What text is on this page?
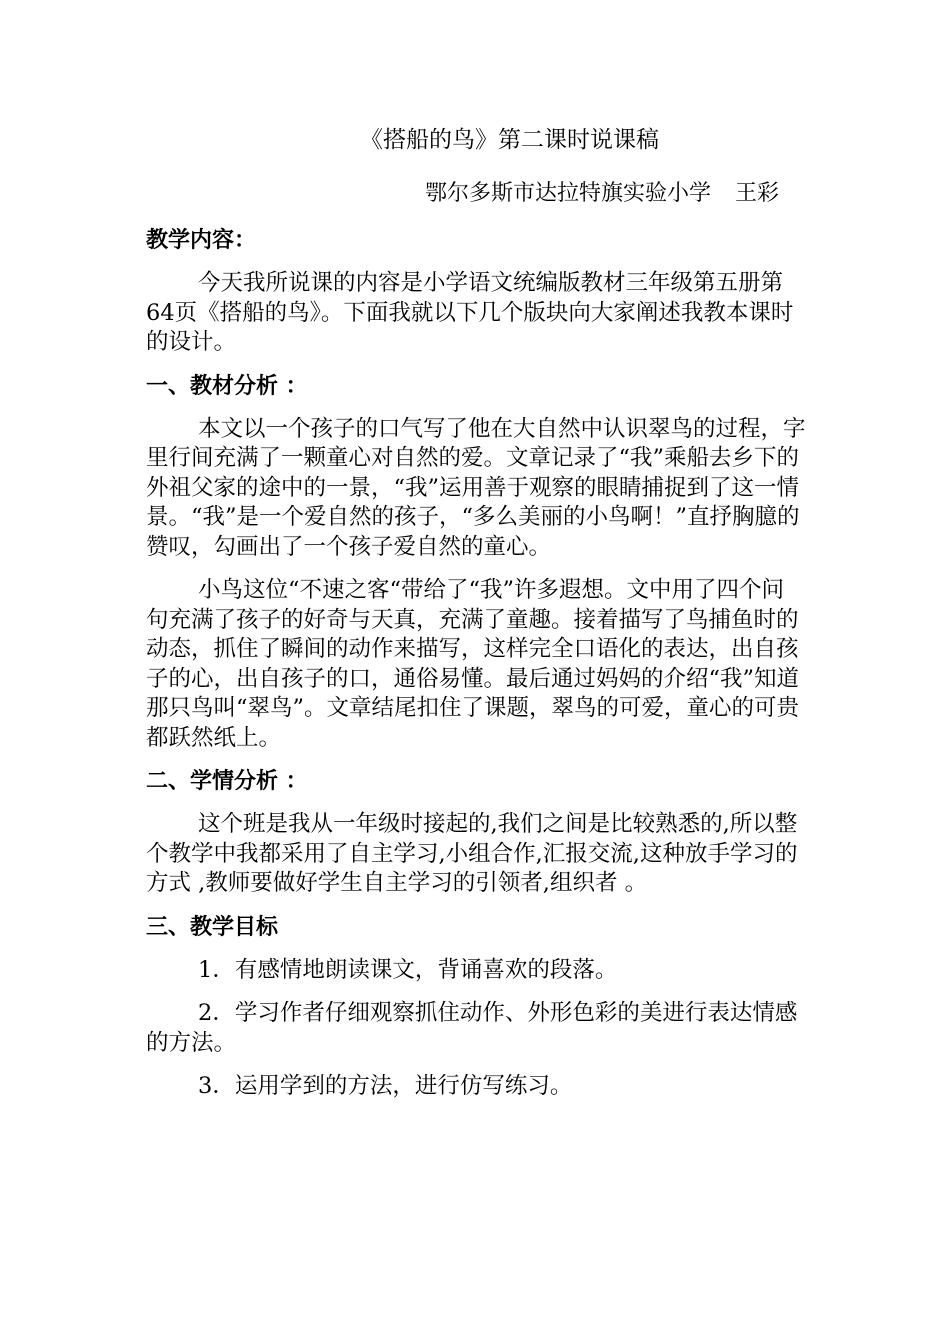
《搭船的鸟》第二课时说课稿
鄂尔多斯市达拉特旗实验小学 王彩
教学内容：

今天我所说课的内容是小学语文统编版教材三年级第五册第64页《搭船的鸟》。下面我就以下几个版块向大家阐述我教本课时的设计。

一、教材分析 ：

本文以一个孩子的口气写了他在大自然中认识翠鸟的过程，字里行间充满了一颗童心对自然的爱。文章记录了“我”乘船去乡下的外祖父家的途中的一景，“我”运用善于观察的眼睛捕捉到了这一情景。“我”是一个爱自然的孩子，“多么美丽的小鸟啊！”直抒胸臆的赞叹，勾画出了一个孩子爱自然的童心。

小鸟这位“不速之客“带给了“我”许多遐想。文中用了四个问句充满了孩子的好奇与天真，充满了童趣。接着描写了鸟捕鱼时的动态，抓住了瞬间的动作来描写，这样完全口语化的表达，出自孩子的心，出自孩子的口，通俗易懂。最后通过妈妈的介绍“我”知道那只鸟叫“翠鸟”。文章结尾扣住了课题，翠鸟的可爱，童心的可贵都跃然纸上。

二、学情分析 ：

这个班是我从一年级时接起的,我们之间是比较熟悉的,所以整个教学中我都采用了自主学习,小组合作,汇报交流,这种放手学习的方式 ,教师要做好学生自主学习的引领者,组织者 。

三、教学目标

1．有感情地朗读课文，背诵喜欢的段落。

2．学习作者仔细观察抓住动作、外形色彩的美进行表达情感的方法。

3．运用学到的方法，进行仿写练习。
